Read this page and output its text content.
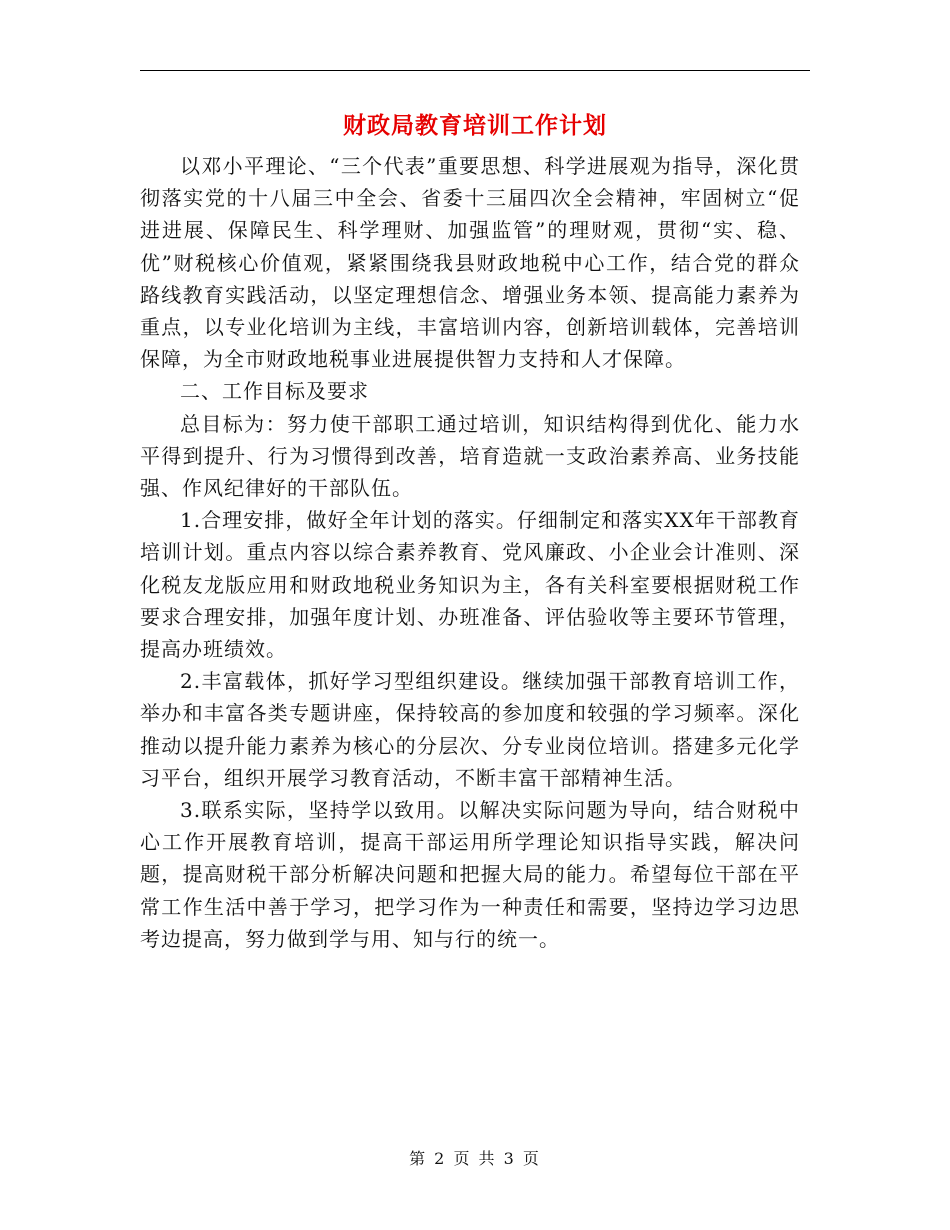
财政局教育培训工作计划

以邓小平理论、“三个代表”重要思想、科学进展观为指导，深化贯彻落实党的十八届三中全会、省委十三届四次全会精神，牢固树立“促进进展、保障民生、科学理财、加强监管”的理财观，贯彻“实、稳、优”财税核心价值观，紧紧围绕我县财政地税中心工作，结合党的群众路线教育实践活动，以坚定理想信念、增强业务本领、提高能力素养为重点，以专业化培训为主线，丰富培训内容，创新培训载体，完善培训保障，为全市财政地税事业进展提供智力支持和人才保障。

二、工作目标及要求

总目标为：努力使干部职工通过培训，知识结构得到优化、能力水平得到提升、行为习惯得到改善，培育造就一支政治素养高、业务技能强、作风纪律好的干部队伍。

1.合理安排，做好全年计划的落实。仔细制定和落实XX年干部教育培训计划。重点内容以综合素养教育、党风廉政、小企业会计准则、深化税友龙版应用和财政地税业务知识为主，各有关科室要根据财税工作要求合理安排，加强年度计划、办班准备、评估验收等主要环节管理，提高办班绩效。

2.丰富载体，抓好学习型组织建设。继续加强干部教育培训工作，举办和丰富各类专题讲座，保持较高的参加度和较强的学习频率。深化推动以提升能力素养为核心的分层次、分专业岗位培训。搭建多元化学习平台，组织开展学习教育活动，不断丰富干部精神生活。

3.联系实际，坚持学以致用。以解决实际问题为导向，结合财税中心工作开展教育培训，提高干部运用所学理论知识指导实践，解决问题，提高财税干部分析解决问题和把握大局的能力。希望每位干部在平常工作生活中善于学习，把学习作为一种责任和需要，坚持边学习边思考边提高，努力做到学与用、知与行的统一。

第 2 页 共 3 页
